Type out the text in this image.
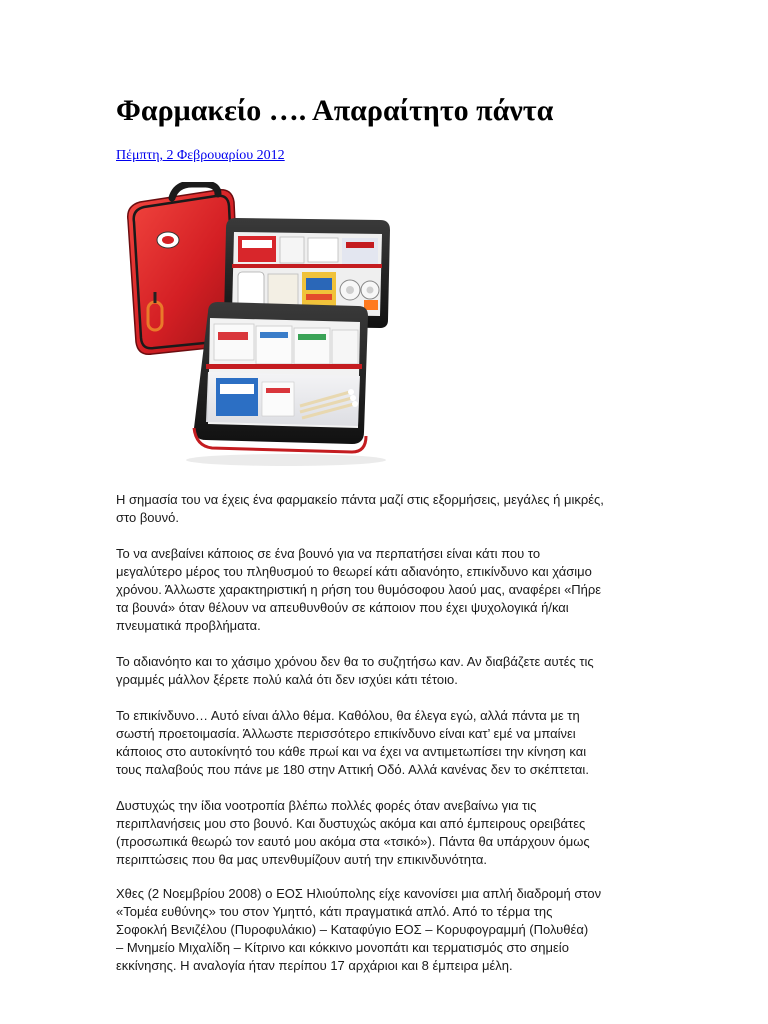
Φαρμακείο …. Απαραίτητο πάντα
Πέμπτη, 2 Φεβρουαρίου 2012

Η σημασία του να έχεις ένα φαρμακείο πάντα μαζί στις εξορμήσεις, μεγάλες ή μικρές,
στο βουνό.

Το να ανεβαίνει κάποιος σε ένα βουνό για να περπατήσει είναι κάτι που το
μεγαλύτερο μέρος του πληθυσμού το θεωρεί κάτι αδιανόητο, επικίνδυνο και χάσιμο
χρόνου. Άλλωστε χαρακτηριστική η ρήση του θυμόσοφου λαού μας, αναφέρει «Πήρε
τα βουνά» όταν θέλουν να απευθυνθούν σε κάποιον που έχει ψυχολογικά ή/και
πνευματικά προβλήματα.

Το αδιανόητο και το χάσιμο χρόνου δεν θα το συζητήσω καν. Αν διαβάζετε αυτές τις
γραμμές μάλλον ξέρετε πολύ καλά ότι δεν ισχύει κάτι τέτοιο.

Το επικίνδυνο… Αυτό είναι άλλο θέμα. Καθόλου, θα έλεγα εγώ, αλλά πάντα με τη
σωστή προετοιμασία. Άλλωστε περισσότερο επικίνδυνο είναι κατ’ εμέ να μπαίνει
κάποιος στο αυτοκίνητό του κάθε πρωί και να έχει να αντιμετωπίσει την κίνηση και
τους παλαβούς που πάνε με 180 στην Αττική Οδό. Αλλά κανένας δεν το σκέπτεται.

Δυστυχώς την ίδια νοοτροπία βλέπω πολλές φορές όταν ανεβαίνω για τις
περιπλανήσεις μου στο βουνό. Και δυστυχώς ακόμα και από έμπειρους ορειβάτες
(προσωπικά θεωρώ τον εαυτό μου ακόμα στα «τσικό»). Πάντα θα υπάρχουν όμως
περιπτώσεις που θα μας υπενθυμίζουν αυτή την επικινδυνότητα.

Χθες (2 Νοεμβρίου 2008) ο ΕΟΣ Ηλιούπολης είχε κανονίσει μια απλή διαδρομή στον
«Τομέα ευθύνης» του στον Υμηττό, κάτι πραγματικά απλό. Από το τέρμα της
Σοφοκλή Βενιζέλου (Πυροφυλάκιο) – Καταφύγιο ΕΟΣ – Κορυφογραμμή (Πολυθέα)
– Μνημείο Μιχαλίδη – Κίτρινο και κόκκινο μονοπάτι και τερματισμός στο σημείο
εκκίνησης. Η αναλογία ήταν περίπου 17 αρχάριοι και 8 έμπειρα μέλη.
